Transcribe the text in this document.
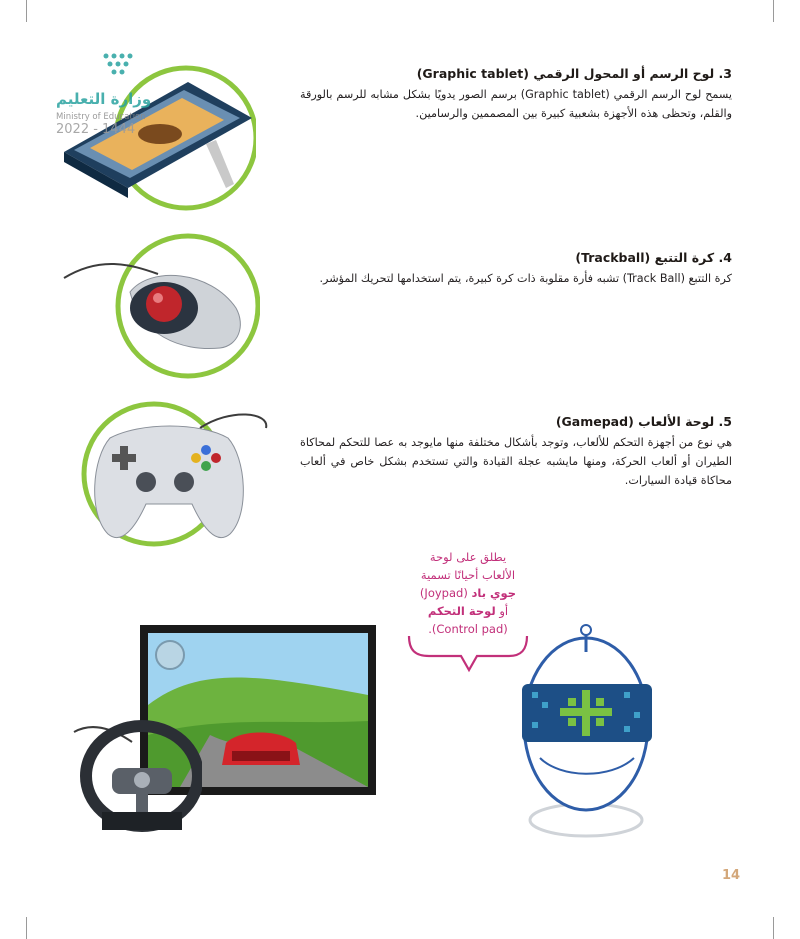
3. لوح الرسم أو المحول الرقمي (Graphic tablet)

يسمح لوح الرسم الرقمي (Graphic tablet) برسم الصور يدويًا بشكل مشابه للرسم بالورقة والقلم، وتحظى هذه الأجهزة بشعبية كبيرة بين المصممين والرسامين.

وزارة التعليم
Ministry of Education
2022 - 1444
4. كرة التتبع (Trackball)

كرة التتبع (Track Ball) تشبه فأرة مقلوبة ذات كرة كبيرة، يتم استخدامها لتحريك المؤشر.

5. لوحة الألعاب (Gamepad)

هي نوع من أجهزة التحكم للألعاب، وتوجد بأشكال مختلفة منها مايوجد به عصا للتحكم لمحاكاة الطيران أو ألعاب الحركة، ومنها مايشبه عجلة القيادة والتي تستخدم بشكل خاص في ألعاب محاكاة قيادة السيارات.

يطلق على لوحة
الألعاب أحيانًا تسمية
جوي باد (Joypad)
أو لوحة التحكم
(Control pad).
14
